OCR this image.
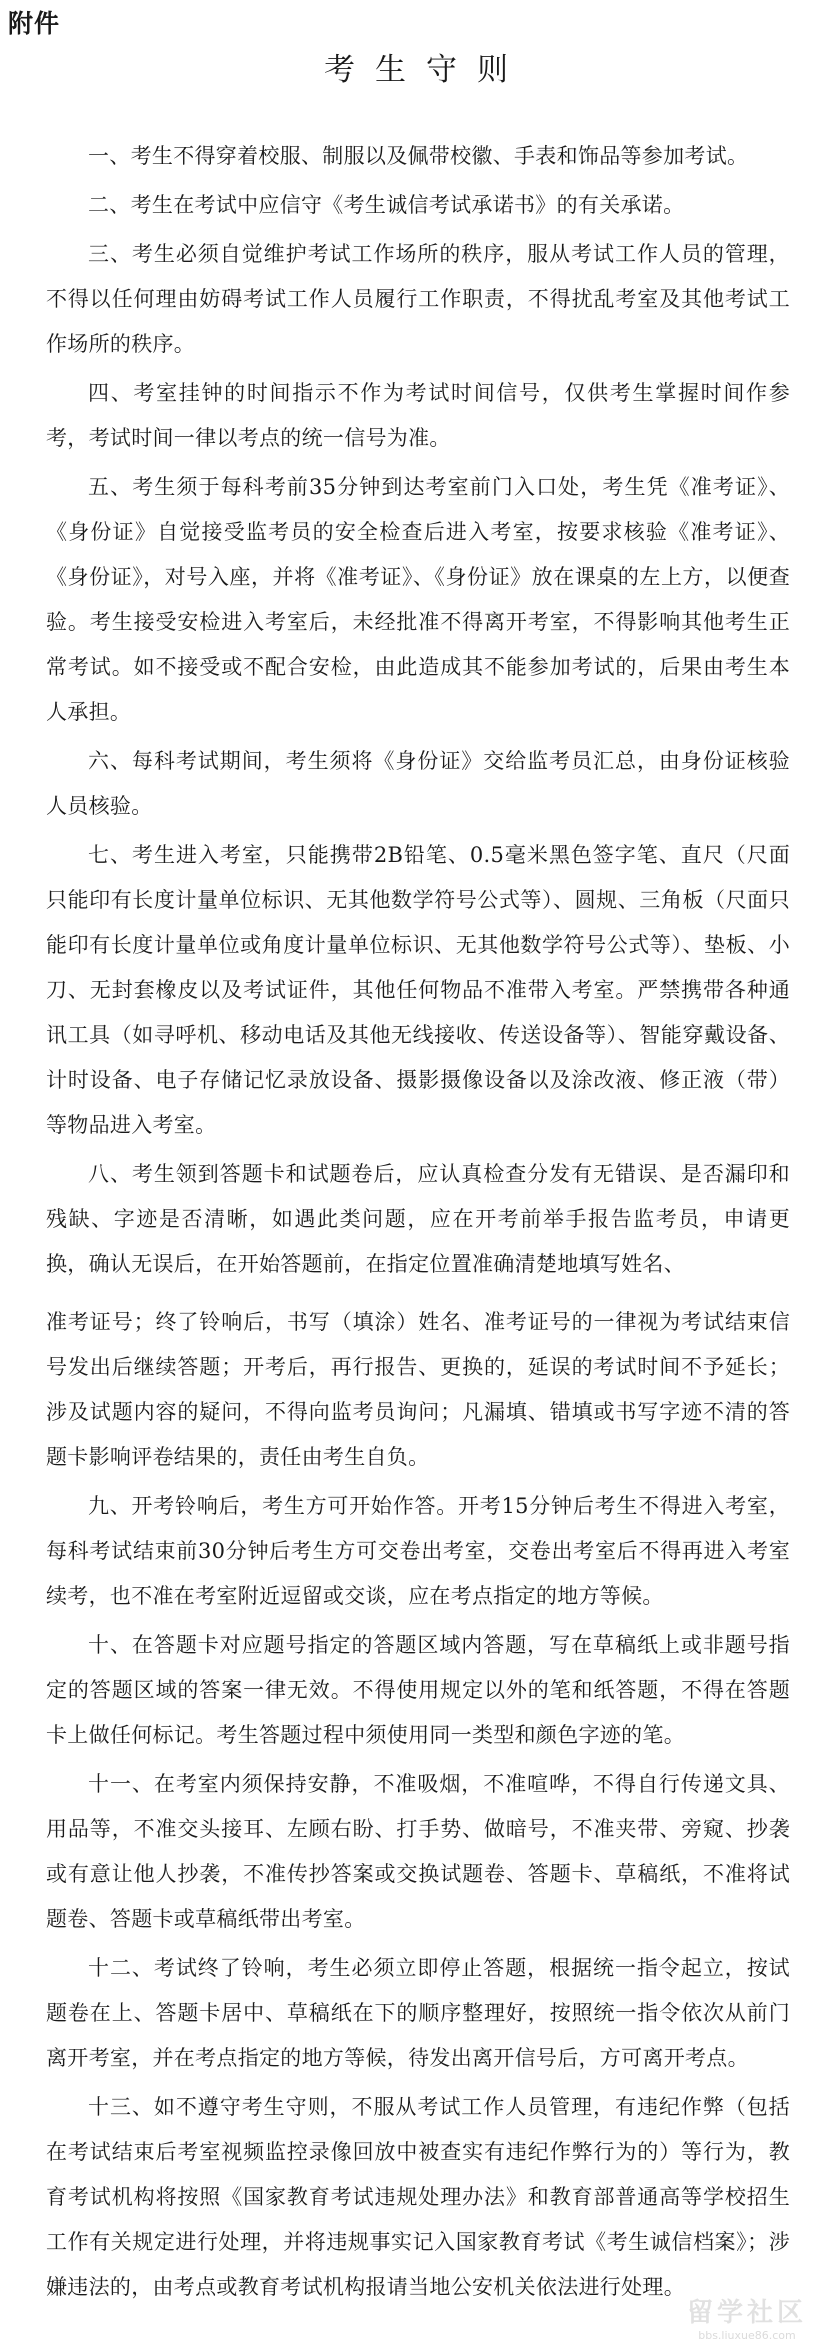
附件
考生守则

一、考生不得穿着校服、制服以及佩带校徽、手表和饰品等参加考试。

二、考生在考试中应信守《考生诚信考试承诺书》的有关承诺。

三、考生必须自觉维护考试工作场所的秩序，服从考试工作人员的管理，不得以任何理由妨碍考试工作人员履行工作职责，不得扰乱考室及其他考试工作场所的秩序。

四、考室挂钟的时间指示不作为考试时间信号，仅供考生掌握时间作参考，考试时间一律以考点的统一信号为准。

五、考生须于每科考前35分钟到达考室前门入口处，考生凭《准考证》、《身份证》自觉接受监考员的安全检查后进入考室，按要求核验《准考证》、《身份证》，对号入座，并将《准考证》、《身份证》放在课桌的左上方，以便查验。考生接受安检进入考室后，未经批准不得离开考室，不得影响其他考生正常考试。如不接受或不配合安检，由此造成其不能参加考试的，后果由考生本人承担。

六、每科考试期间，考生须将《身份证》交给监考员汇总，由身份证核验人员核验。

七、考生进入考室，只能携带2B铅笔、0.5毫米黑色签字笔、直尺（尺面只能印有长度计量单位标识、无其他数学符号公式等）、圆规、三角板（尺面只能印有长度计量单位或角度计量单位标识、无其他数学符号公式等）、垫板、小刀、无封套橡皮以及考试证件，其他任何物品不准带入考室。严禁携带各种通讯工具（如寻呼机、移动电话及其他无线接收、传送设备等）、智能穿戴设备、计时设备、电子存储记忆录放设备、摄影摄像设备以及涂改液、修正液（带）等物品进入考室。

八、考生领到答题卡和试题卷后，应认真检查分发有无错误、是否漏印和残缺、字迹是否清晰，如遇此类问题，应在开考前举手报告监考员，申请更换，确认无误后，在开始答题前，在指定位置准确清楚地填写姓名、

准考证号；终了铃响后，书写（填涂）姓名、准考证号的一律视为考试结束信号发出后继续答题；开考后，再行报告、更换的，延误的考试时间不予延长；涉及试题内容的疑问，不得向监考员询问；凡漏填、错填或书写字迹不清的答题卡影响评卷结果的，责任由考生自负。

九、开考铃响后，考生方可开始作答。开考15分钟后考生不得进入考室，每科考试结束前30分钟后考生方可交卷出考室，交卷出考室后不得再进入考室续考，也不准在考室附近逗留或交谈，应在考点指定的地方等候。

十、在答题卡对应题号指定的答题区域内答题，写在草稿纸上或非题号指定的答题区域的答案一律无效。不得使用规定以外的笔和纸答题，不得在答题卡上做任何标记。考生答题过程中须使用同一类型和颜色字迹的笔。

十一、在考室内须保持安静，不准吸烟，不准喧哗，不得自行传递文具、用品等，不准交头接耳、左顾右盼、打手势、做暗号，不准夹带、旁窥、抄袭或有意让他人抄袭，不准传抄答案或交换试题卷、答题卡、草稿纸，不准将试题卷、答题卡或草稿纸带出考室。

十二、考试终了铃响，考生必须立即停止答题，根据统一指令起立，按试题卷在上、答题卡居中、草稿纸在下的顺序整理好，按照统一指令依次从前门离开考室，并在考点指定的地方等候，待发出离开信号后，方可离开考点。

十三、如不遵守考生守则，不服从考试工作人员管理，有违纪作弊（包括在考试结束后考室视频监控录像回放中被查实有违纪作弊行为的）等行为，教育考试机构将按照《国家教育考试违规处理办法》和教育部普通高等学校招生工作有关规定进行处理，并将违规事实记入国家教育考试《考生诚信档案》；涉嫌违法的，由考点或教育考试机构报请当地公安机关依法进行处理。

留学社区
bbs.liuxue86.com
